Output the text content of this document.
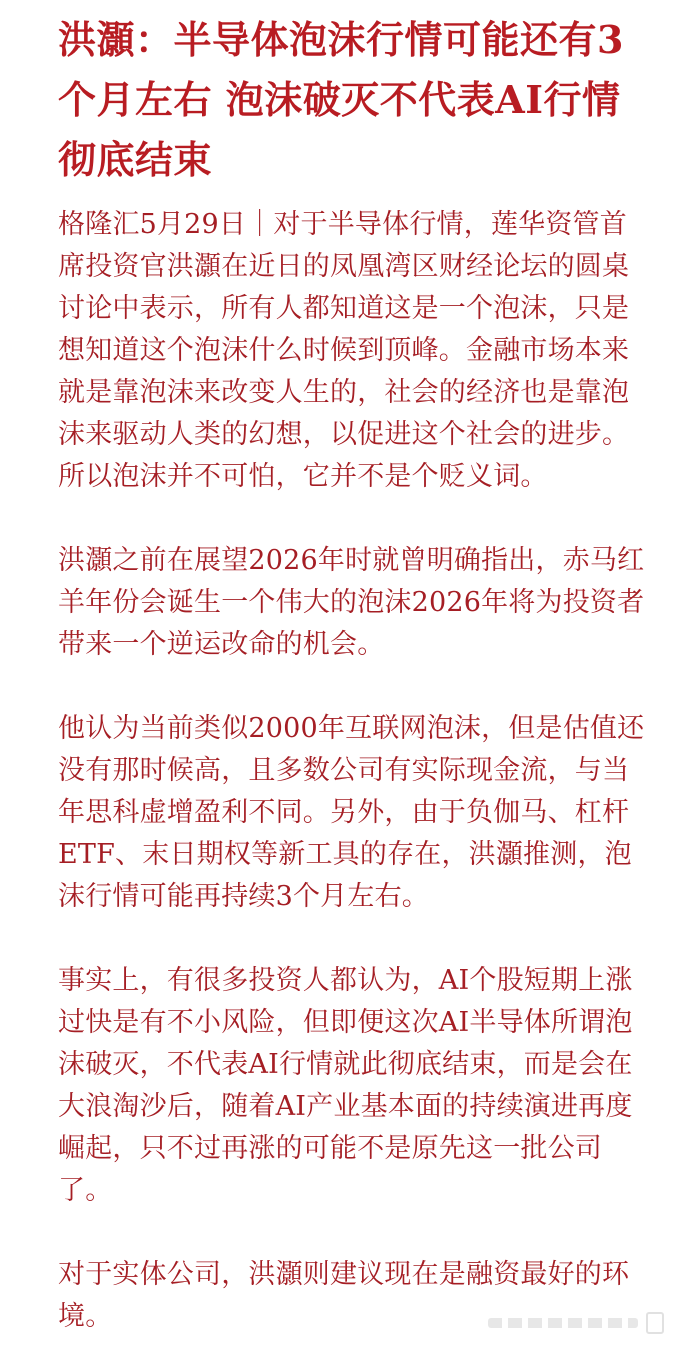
洪灝：半导体泡沫行情可能还有3个月左右 泡沫破灭不代表AI行情彻底结束

格隆汇5月29日｜对于半导体行情，莲华资管首席投资官洪灝在近日的凤凰湾区财经论坛的圆桌讨论中表示，所有人都知道这是一个泡沫，只是想知道这个泡沫什么时候到顶峰。金融市场本来就是靠泡沫来改变人生的，社会的经济也是靠泡沫来驱动人类的幻想，以促进这个社会的进步。所以泡沫并不可怕，它并不是个贬义词。

洪灝之前在展望2026年时就曾明确指出，赤马红羊年份会诞生一个伟大的泡沫2026年将为投资者带来一个逆运改命的机会。

他认为当前类似2000年互联网泡沫，但是估值还没有那时候高，且多数公司有实际现金流，与当年思科虚增盈利不同。另外，由于负伽马、杠杆ETF、末日期权等新工具的存在，洪灝推测，泡沫行情可能再持续3个月左右。

事实上，有很多投资人都认为，AI个股短期上涨过快是有不小风险，但即便这次AI半导体所谓泡沫破灭，不代表AI行情就此彻底结束，而是会在大浪淘沙后，随着AI产业基本面的持续演进再度崛起，只不过再涨的可能不是原先这一批公司了。

对于实体公司，洪灝则建议现在是融资最好的环境。
